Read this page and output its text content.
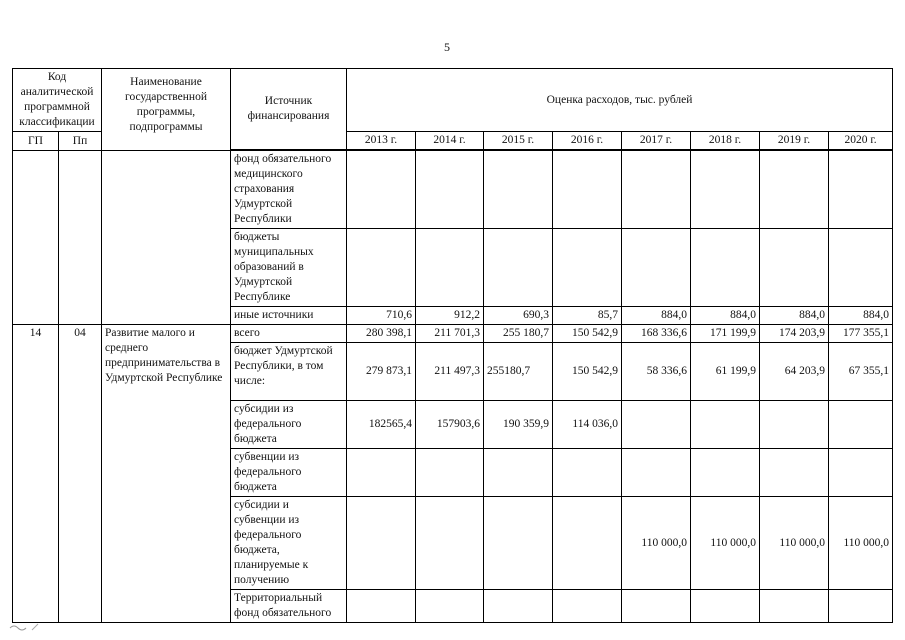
5
Код аналитической программной классификации		Наименование государственной программы, подпрограммы	Источник финансирования	Оценка расходов, тыс. рублей							
ГП	Пп			2013 г.	2014 г.	2015 г.	2016 г.	2017 г.	2018 г.	2019 г.	2020 г.

			фонд обязательного медицинского страхования Удмуртской Республики								
			бюджеты муниципальных образований в Удмуртской Республике								
			иные источники	710,6	912,2	690,3	85,7	884,0	884,0	884,0	884,0
14	04	Развитие малого и среднего предпринимательства в Удмуртской Республике	всего	280 398,1	211 701,3	255 180,7	150 542,9	168 336,6	171 199,9	174 203,9	177 355,1
			бюджет Удмуртской Республики, в том числе:	279 873,1	211 497,3	255180,7	150 542,9	58 336,6	61 199,9	64 203,9	67 355,1
			субсидии из федерального бюджета	182565,4	157903,6	190 359,9	114 036,0				
			субвенции из федерального бюджета								
			субсидии и субвенции из федерального бюджета, планируемые к получению					110 000,0	110 000,0	110 000,0	110 000,0
			Территориальный фонд обязательного								
